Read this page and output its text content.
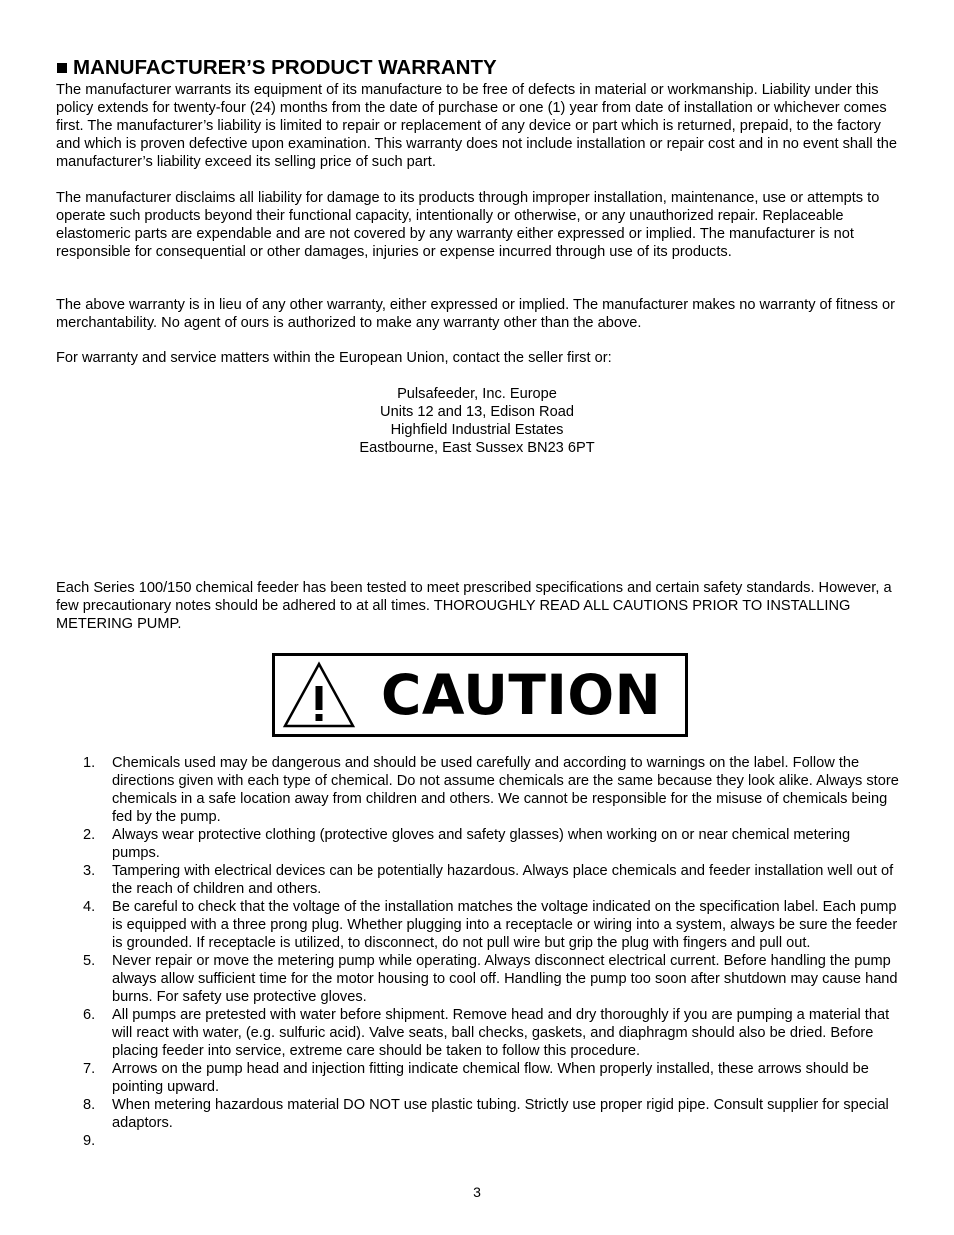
MANUFACTURER’S PRODUCT WARRANTY
The manufacturer warrants its equipment of its manufacture to be free of defects in material or workmanship. Liability under this policy extends for twenty-four (24) months from the date of purchase or one (1) year from date of installation or whichever comes first. The manufacturer’s liability is limited to repair or replacement of any device or part which is returned, prepaid, to the factory and which is proven defective upon examination. This warranty does not include installation or repair cost and in no event shall the manufacturer’s liability exceed its selling price of such part.
The manufacturer disclaims all liability for damage to its products through improper installation, maintenance, use or attempts to operate such products beyond their functional capacity, intentionally or otherwise, or any unauthorized repair. Replaceable elastomeric parts are expendable and are not covered by any warranty either expressed or implied. The manufacturer is not responsible for consequential or other damages, injuries or expense incurred through use of its products.
The above warranty is in lieu of any other warranty, either expressed or implied. The manufacturer makes no warranty of fitness or merchantability. No agent of ours is authorized to make any warranty other than the above.
For warranty and service matters within the European Union, contact the seller first or:
Pulsafeeder, Inc. Europe
Units 12 and 13, Edison Road
Highfield Industrial Estates
Eastbourne, East Sussex BN23 6PT
Each Series 100/150 chemical feeder has been tested to meet prescribed specifications and certain safety standards. However, a few precautionary notes should be adhered to at all times. THOROUGHLY READ ALL CAUTIONS PRIOR TO INSTALLING METERING PUMP.
CAUTION
1. Chemicals used may be dangerous and should be used carefully and according to warnings on the label. Follow the directions given with each type of chemical. Do not assume chemicals are the same because they look alike. Always store chemicals in a safe location away from children and others. We cannot be responsible for the misuse of chemicals being fed by the pump.
2. Always wear protective clothing (protective gloves and safety glasses) when working on or near chemical metering pumps.
3. Tampering with electrical devices can be potentially hazardous. Always place chemicals and feeder installation well out of the reach of children and others.
4. Be careful to check that the voltage of the installation matches the voltage indicated on the specification label. Each pump is equipped with a three prong plug. Whether plugging into a receptacle or wiring into a system, always be sure the feeder is grounded. If receptacle is utilized, to disconnect, do not pull wire but grip the plug with fingers and pull out.
5. Never repair or move the metering pump while operating. Always disconnect electrical current. Before handling the pump always allow sufficient time for the motor housing to cool off. Handling the pump too soon after shutdown may cause hand burns. For safety use protective gloves.
6. All pumps are pretested with water before shipment. Remove head and dry thoroughly if you are pumping a material that will react with water, (e.g. sulfuric acid). Valve seats, ball checks, gaskets, and diaphragm should also be dried. Before placing feeder into service, extreme care should be taken to follow this procedure.
7. Arrows on the pump head and injection fitting indicate chemical flow. When properly installed, these arrows should be pointing upward.
8. When metering hazardous material DO NOT use plastic tubing. Strictly use proper rigid pipe. Consult supplier for special adaptors.
9.
3
